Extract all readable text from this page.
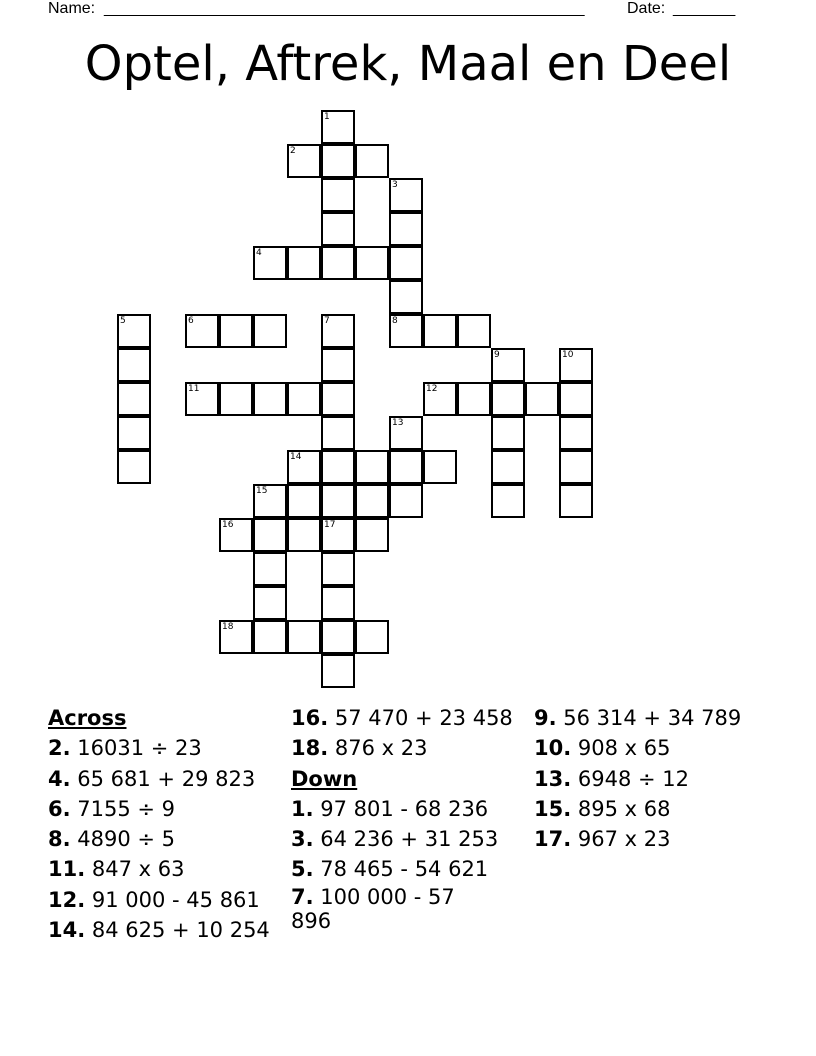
Name: ______________________________________________________	Date: _______
Optel, Aftrek, Maal en Deel
1
2
3
4
5	6	7	8
9	10
11	12
13
14
15
16	17
18
Across
2. 16031 ÷ 23
4. 65 681 + 29 823
6. 7155 ÷ 9
8. 4890 ÷ 5
11. 847 x 63
12. 91 000 - 45 861
14. 84 625 + 10 254
16. 57 470 + 23 458
18. 876 x 23
Down
1. 97 801 - 68 236
3. 64 236 + 31 253
5. 78 465 - 54 621
7. 100 000 - 57 896
9. 56 314 + 34 789
10. 908 x 65
13. 6948 ÷ 12
15. 895 x 68
17. 967 x 23
